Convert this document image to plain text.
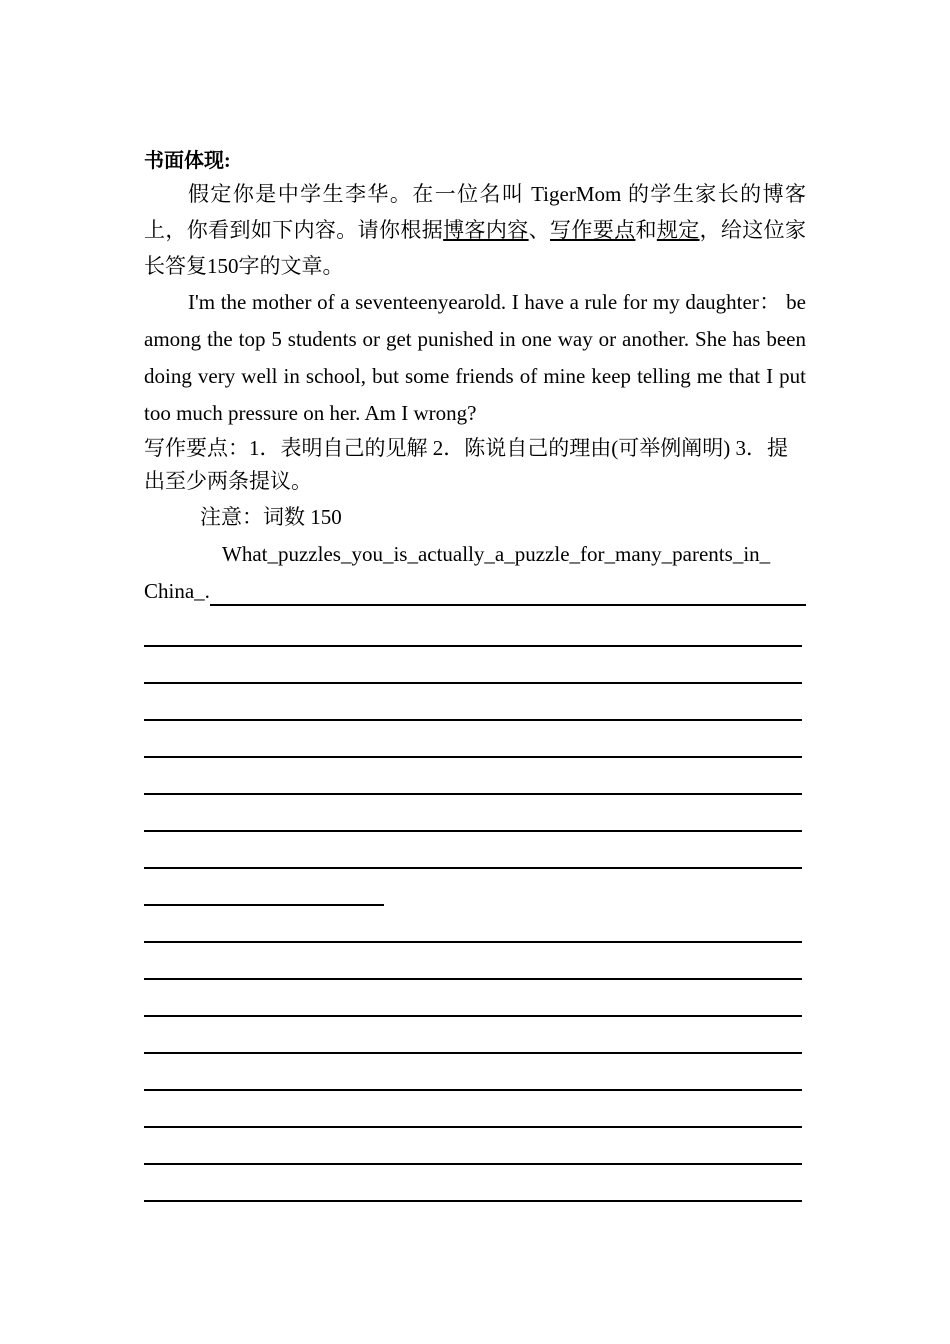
书面体现:

假定你是中学生李华。在一位名叫 TigerMom 的学生家长的博客上，你看到如下内容。请你根据博客内容、写作要点和规定，给这位家长答复150字的文章。

I'm the mother of a seventeenyearold. I have a rule for my daughter： be among the top 5 students or get punished in one way or another. She has been doing very well in school, but some friends of mine keep telling me that I put too much pressure on her. Am I wrong?

写作要点：1．表明自己的见解 2．陈说自己的理由(可举例阐明) 3．提出至少两条提议。

注意：词数 150

What_puzzles_you_is_actually_a_puzzle_for_many_parents_in_

China_.
